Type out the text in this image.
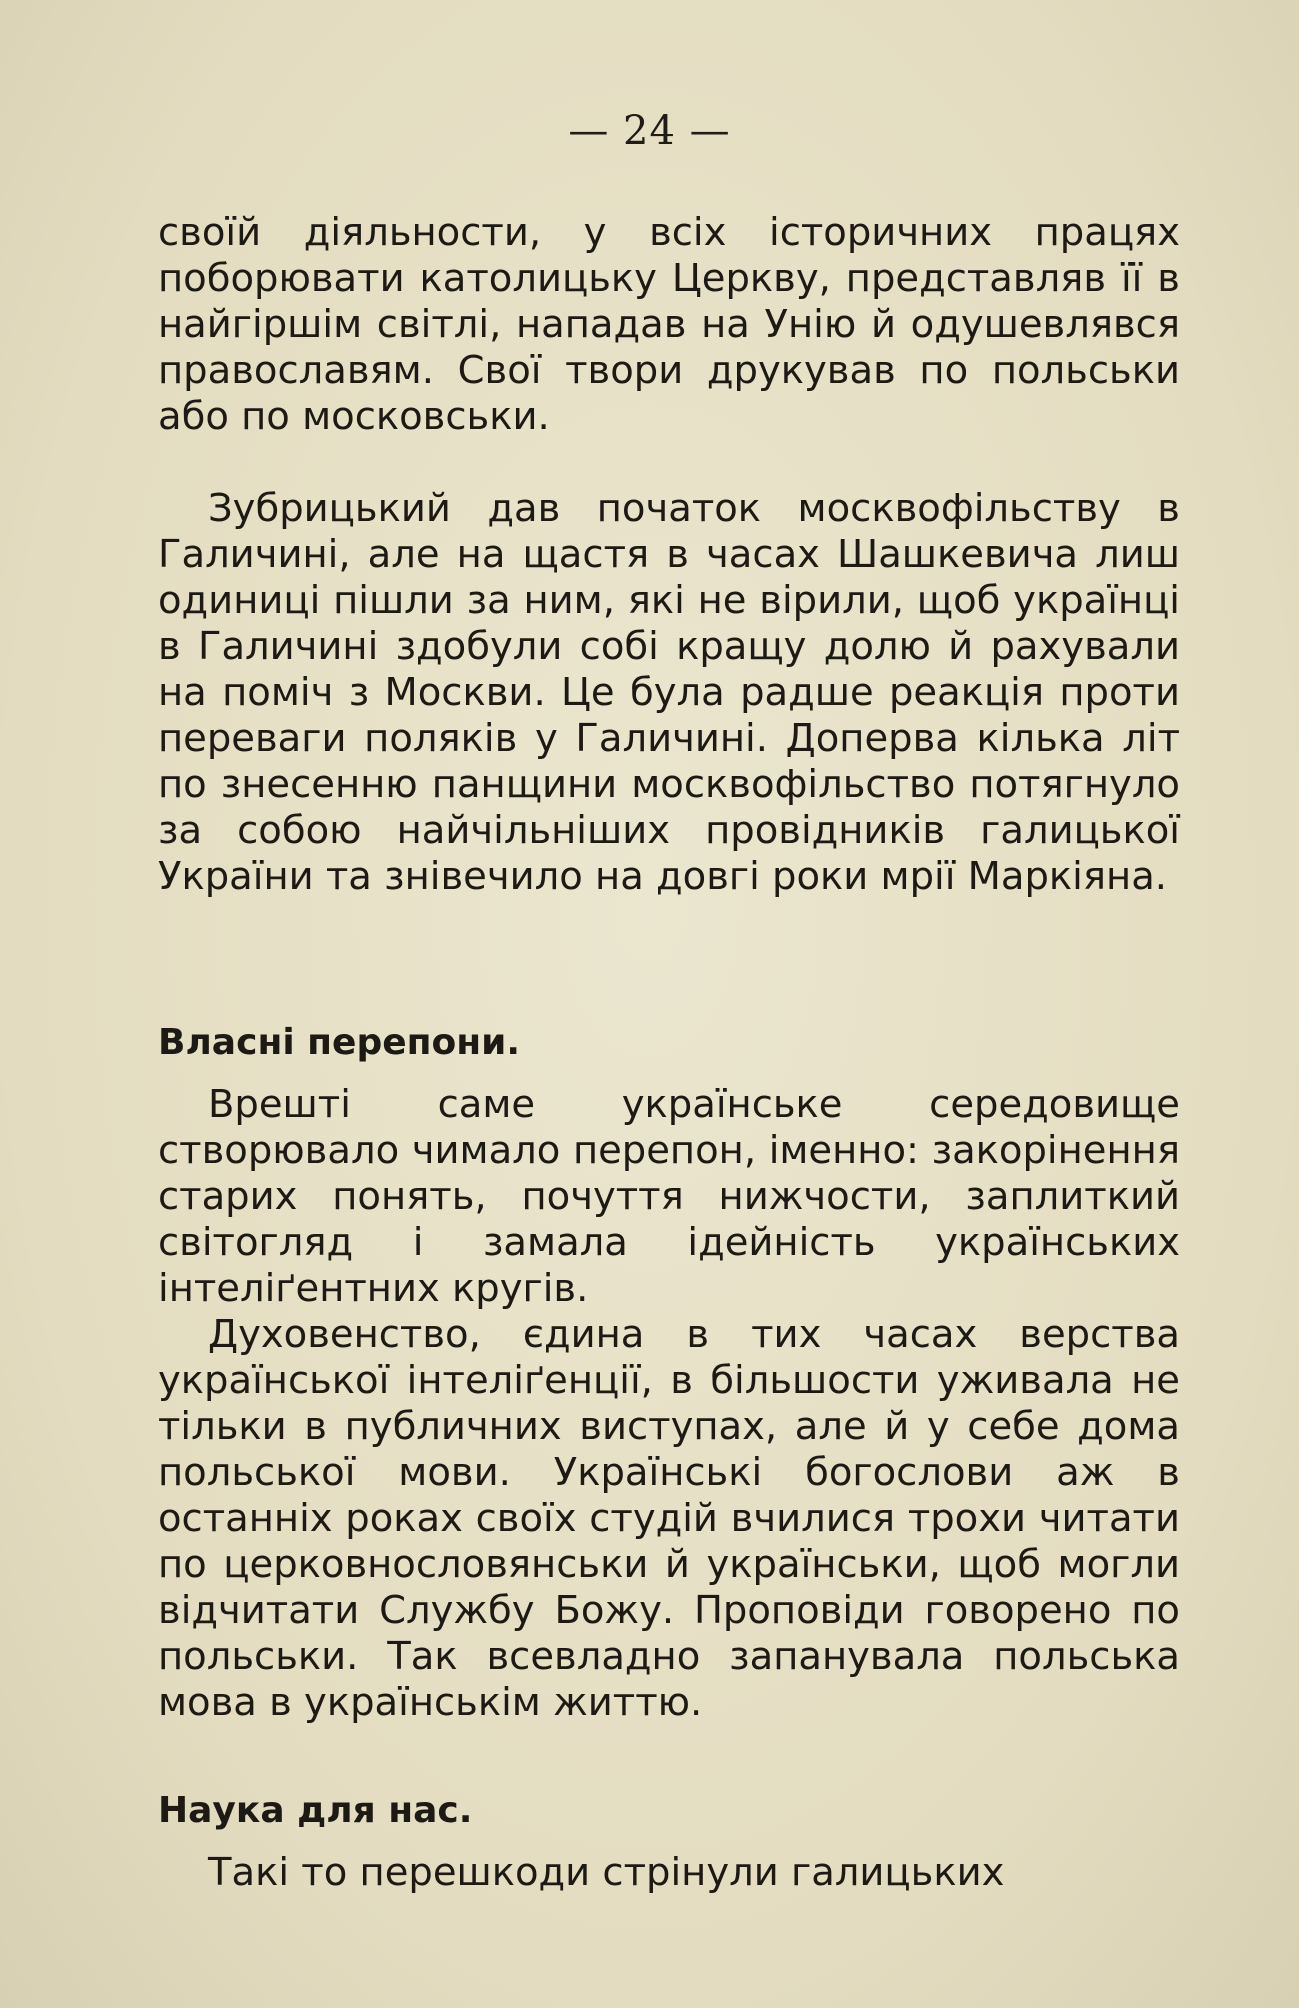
— 24 —

своїй діяльности, у всіх історичних працях поборювати католицьку Церкву, представляв її в найгіршім світлі, нападав на Унію й одушевлявся православям. Свої твори друкував по польськи або по московськи.

Зубрицький дав початок москвофільству в Галичині, але на щастя в часах Шашкевича лиш одиниці пішли за ним, які не вірили, щоб українці в Галичині здобули собі кращу долю й рахували на поміч з Москви. Це була радше реакція проти переваги поляків у Галичині. Доперва кілька літ по знесенню панщини москвофільство потягнуло за собою найчільніших провідників галицької України та знівечило на довгі роки мрії Маркіяна.

Власні перепони.

Врешті саме українське середовище створювало чимало перепон, іменно: закорінення старих понять, почуття нижчости, заплиткий світогляд і замала ідейність українських інтеліґентних кругів.

Духовенство, єдина в тих часах верства української інтеліґенції, в більшости уживала не тільки в публичних виступах, але й у себе дома польської мови. Українські богослови аж в останніх роках своїх студій вчилися трохи читати по церковнословянськи й українськи, щоб могли відчитати Службу Божу. Проповіди говорено по польськи. Так всевладно запанувала польська мова в українськім життю.

Наука для нас.

Такі то перешкоди стрінули галицьких
